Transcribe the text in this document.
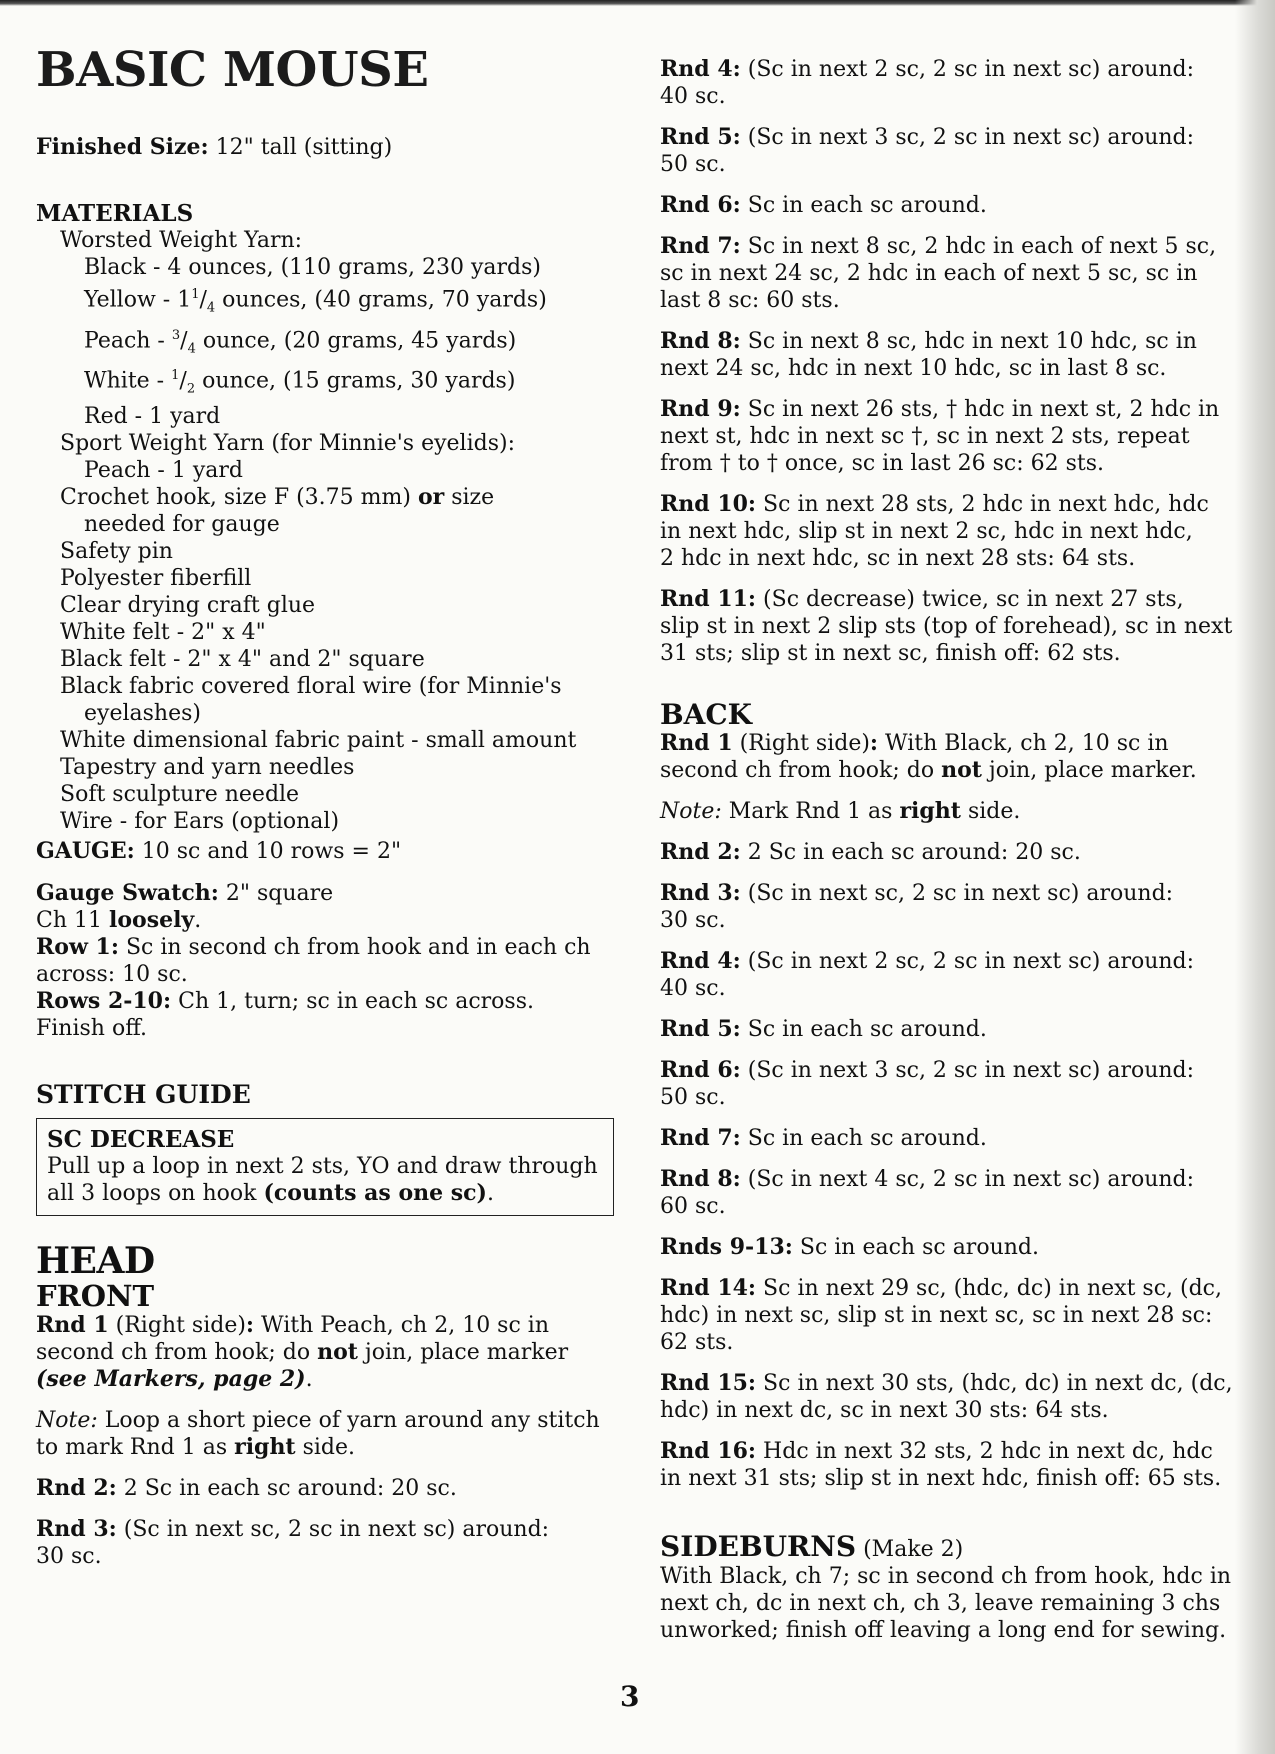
BASIC MOUSE

Finished Size: 12" tall (sitting)

MATERIALS

Worsted Weight Yarn:

Black - 4 ounces, (110 grams, 230 yards)

Yellow - $1^1/_4$ ounces, (40 grams, 70 yards)

Peach - $^3/_4$ ounce, (20 grams, 45 yards)

White - $^1/_2$ ounce, (15 grams, 30 yards)

Red - 1 yard

Sport Weight Yarn (for Minnie's eyelids):

Peach - 1 yard

Crochet hook, size F (3.75 mm) or size

needed for gauge

Safety pin

Polyester fiberfill

Clear drying craft glue

White felt - 2" x 4"

Black felt - 2" x 4" and 2" square

Black fabric covered floral wire (for Minnie's

eyelashes)

White dimensional fabric paint - small amount

Tapestry and yarn needles

Soft sculpture needle

Wire - for Ears (optional)

GAUGE: 10 sc and 10 rows = 2"

Gauge Swatch: 2" square

Ch 11 loosely.

Row 1: Sc in second ch from hook and in each ch

across: 10 sc.

Rows 2-10: Ch 1, turn; sc in each sc across.

Finish off.

STITCH GUIDE

SC DECREASE

Pull up a loop in next 2 sts, YO and draw through

all 3 loops on hook (counts as one sc).

HEAD

FRONT

Rnd 1 (Right side): With Peach, ch 2, 10 sc in

second ch from hook; do not join, place marker

(see Markers, page 2).

Note: Loop a short piece of yarn around any stitch

to mark Rnd 1 as right side.

Rnd 2: 2 Sc in each sc around: 20 sc.

Rnd 3: (Sc in next sc, 2 sc in next sc) around:

30 sc.

Rnd 4: (Sc in next 2 sc, 2 sc in next sc) around:

40 sc.

Rnd 5: (Sc in next 3 sc, 2 sc in next sc) around:

50 sc.

Rnd 6: Sc in each sc around.

Rnd 7: Sc in next 8 sc, 2 hdc in each of next 5 sc,

sc in next 24 sc, 2 hdc in each of next 5 sc, sc in

last 8 sc: 60 sts.

Rnd 8: Sc in next 8 sc, hdc in next 10 hdc, sc in

next 24 sc, hdc in next 10 hdc, sc in last 8 sc.

Rnd 9: Sc in next 26 sts, † hdc in next st, 2 hdc in

next st, hdc in next sc †, sc in next 2 sts, repeat

from † to † once, sc in last 26 sc: 62 sts.

Rnd 10: Sc in next 28 sts, 2 hdc in next hdc, hdc

in next hdc, slip st in next 2 sc, hdc in next hdc,

2 hdc in next hdc, sc in next 28 sts: 64 sts.

Rnd 11: (Sc decrease) twice, sc in next 27 sts,

slip st in next 2 slip sts (top of forehead), sc in next

31 sts; slip st in next sc, finish off: 62 sts.

BACK

Rnd 1 (Right side): With Black, ch 2, 10 sc in

second ch from hook; do not join, place marker.

Note: Mark Rnd 1 as right side.

Rnd 2: 2 Sc in each sc around: 20 sc.

Rnd 3: (Sc in next sc, 2 sc in next sc) around:

30 sc.

Rnd 4: (Sc in next 2 sc, 2 sc in next sc) around:

40 sc.

Rnd 5: Sc in each sc around.

Rnd 6: (Sc in next 3 sc, 2 sc in next sc) around:

50 sc.

Rnd 7: Sc in each sc around.

Rnd 8: (Sc in next 4 sc, 2 sc in next sc) around:

60 sc.

Rnds 9-13: Sc in each sc around.

Rnd 14: Sc in next 29 sc, (hdc, dc) in next sc, (dc,

hdc) in next sc, slip st in next sc, sc in next 28 sc:

62 sts.

Rnd 15: Sc in next 30 sts, (hdc, dc) in next dc, (dc,

hdc) in next dc, sc in next 30 sts: 64 sts.

Rnd 16: Hdc in next 32 sts, 2 hdc in next dc, hdc

in next 31 sts; slip st in next hdc, finish off: 65 sts.

SIDEBURNS (Make 2)

With Black, ch 7; sc in second ch from hook, hdc in

next ch, dc in next ch, ch 3, leave remaining 3 chs

unworked; finish off leaving a long end for sewing.

3
